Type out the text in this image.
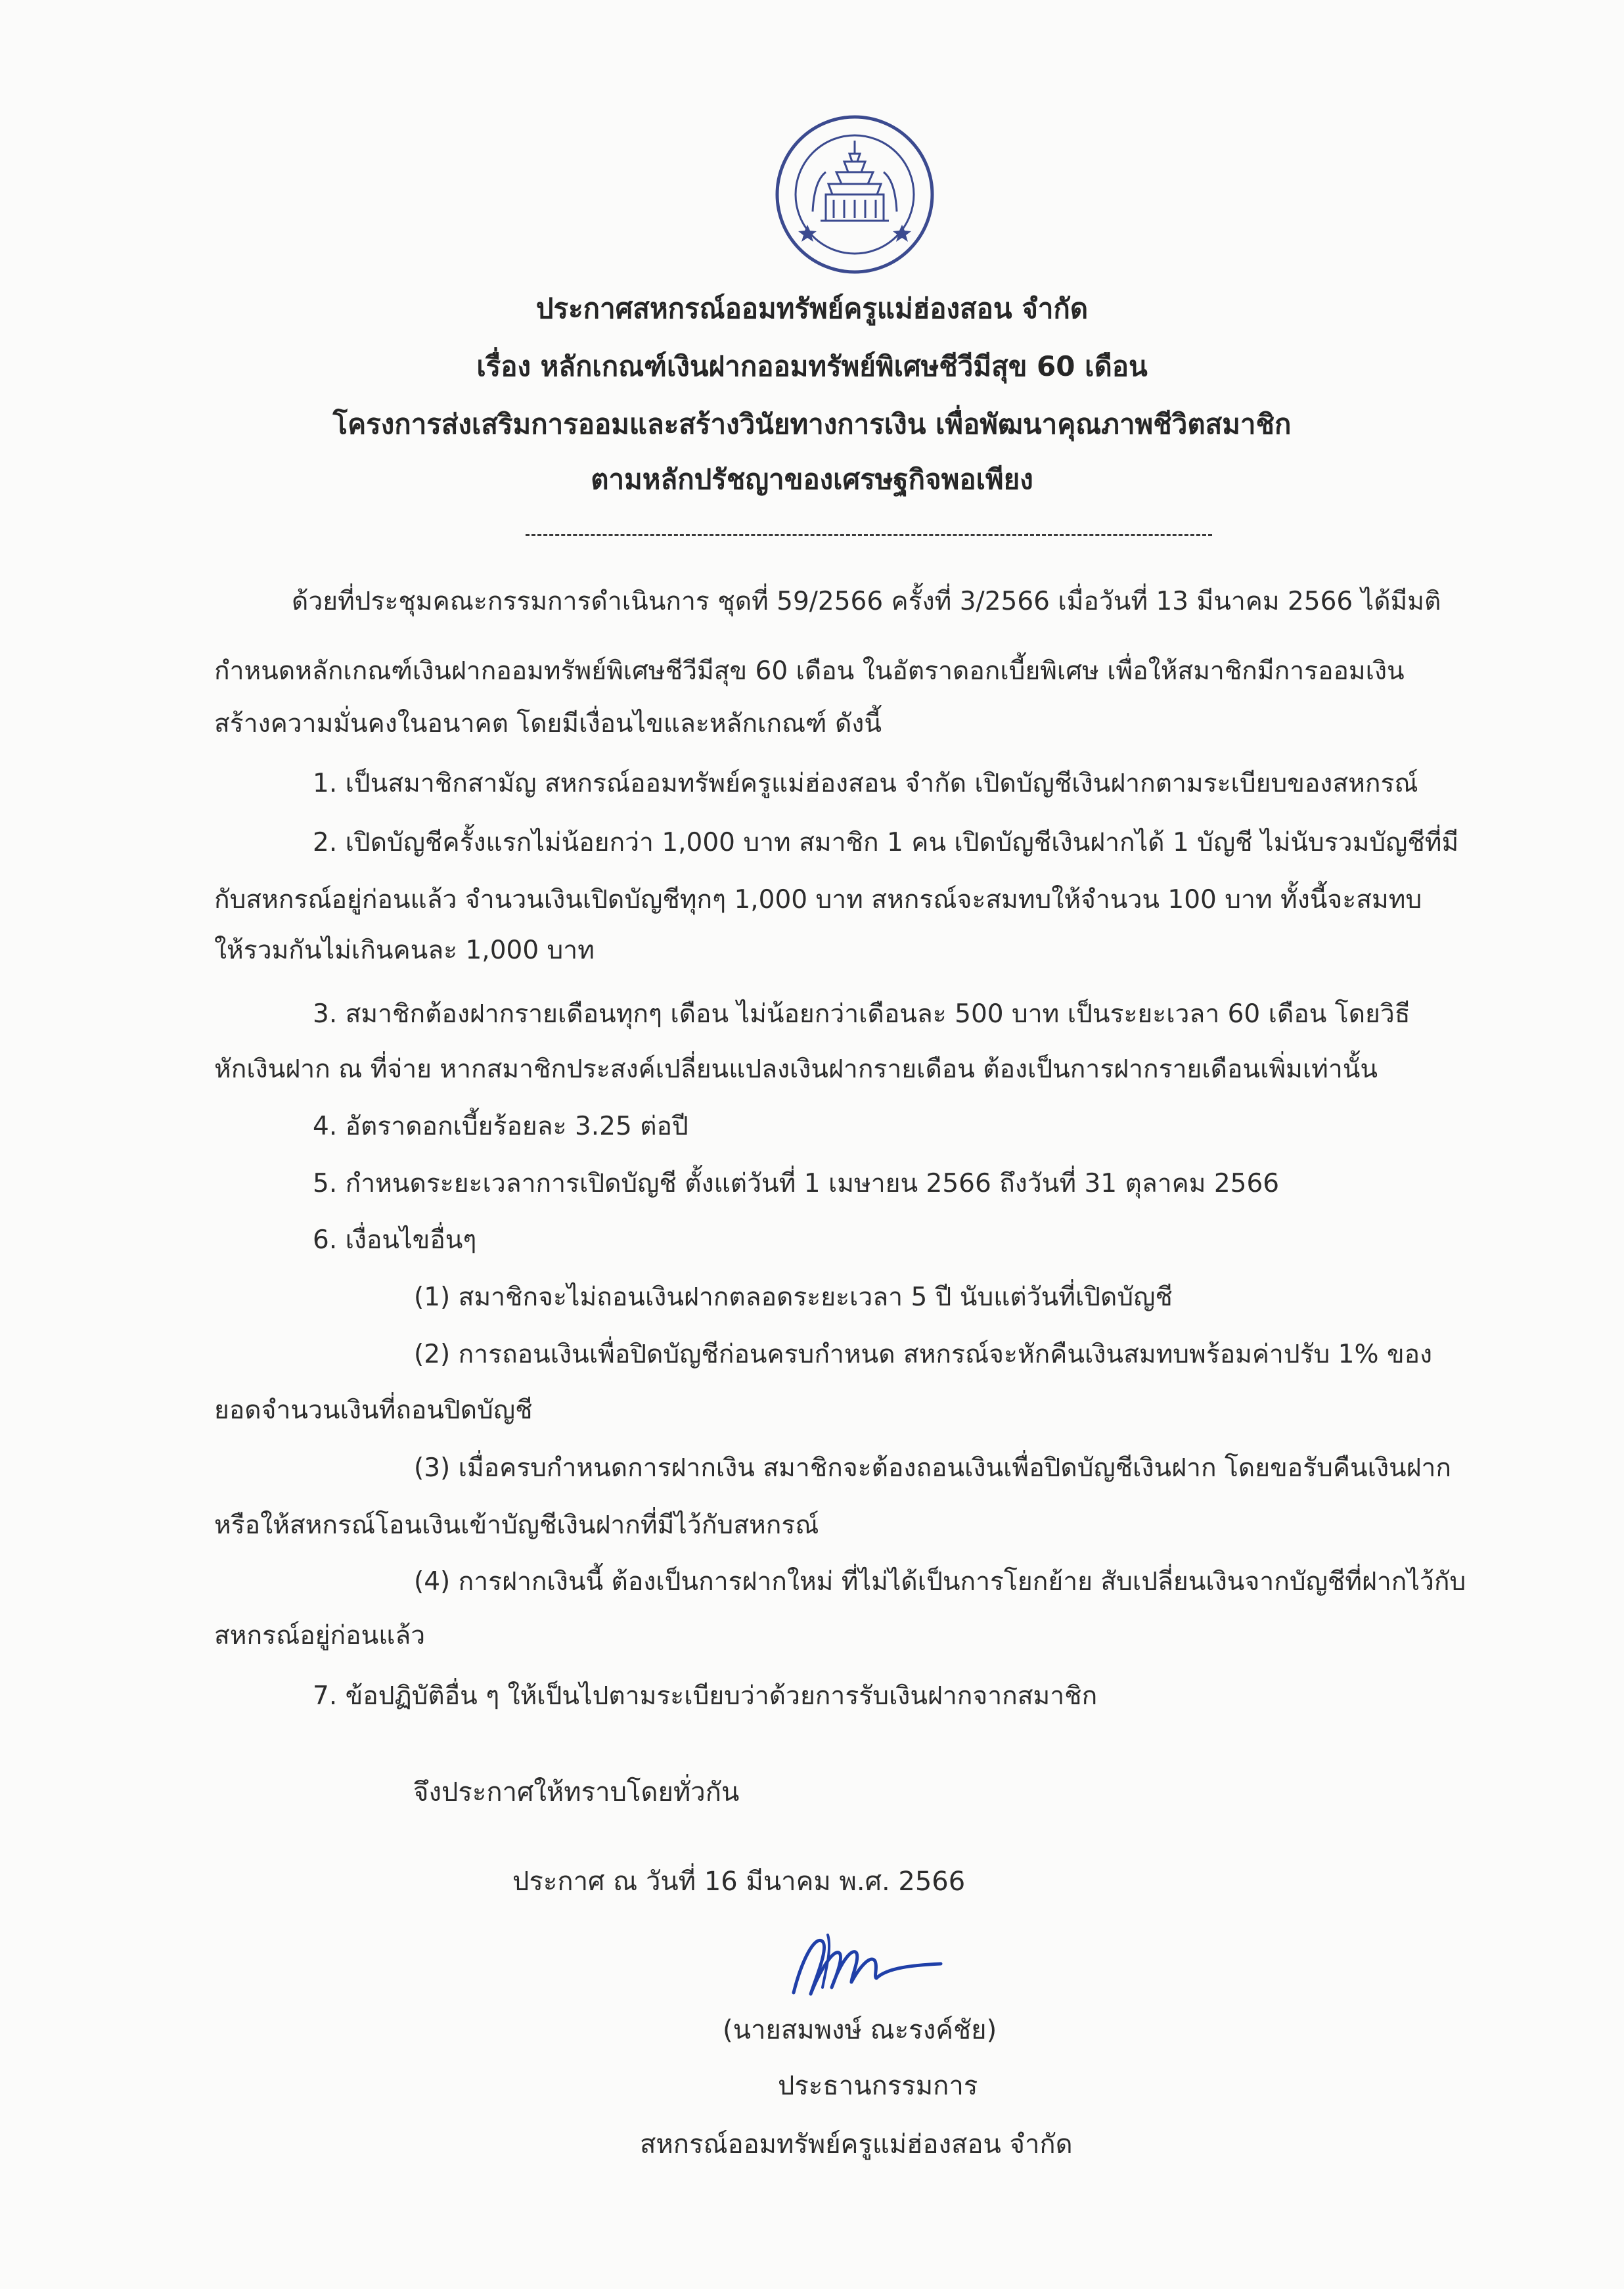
ประกาศสหกรณ์ออมทรัพย์ครูแม่ฮ่องสอน จำกัด
เรื่อง หลักเกณฑ์เงินฝากออมทรัพย์พิเศษชีวีมีสุข 60 เดือน
โครงการส่งเสริมการออมและสร้างวินัยทางการเงิน เพื่อพัฒนาคุณภาพชีวิตสมาชิก
ตามหลักปรัชญาของเศรษฐกิจพอเพียง
ด้วยที่ประชุมคณะกรรมการดำเนินการ ชุดที่ 59/2566 ครั้งที่ 3/2566 เมื่อวันที่ 13 มีนาคม 2566 ได้มีมติ
กำหนดหลักเกณฑ์เงินฝากออมทรัพย์พิเศษชีวีมีสุข 60 เดือน ในอัตราดอกเบี้ยพิเศษ เพื่อให้สมาชิกมีการออมเงิน
สร้างความมั่นคงในอนาคต โดยมีเงื่อนไขและหลักเกณฑ์ ดังนี้
1. เป็นสมาชิกสามัญ สหกรณ์ออมทรัพย์ครูแม่ฮ่องสอน จำกัด เปิดบัญชีเงินฝากตามระเบียบของสหกรณ์
2. เปิดบัญชีครั้งแรกไม่น้อยกว่า 1,000 บาท สมาชิก 1 คน เปิดบัญชีเงินฝากได้ 1 บัญชี ไม่นับรวมบัญชีที่มี
กับสหกรณ์อยู่ก่อนแล้ว จำนวนเงินเปิดบัญชีทุกๆ 1,000 บาท สหกรณ์จะสมทบให้จำนวน 100 บาท ทั้งนี้จะสมทบ
ให้รวมกันไม่เกินคนละ 1,000 บาท
3. สมาชิกต้องฝากรายเดือนทุกๆ เดือน ไม่น้อยกว่าเดือนละ 500 บาท เป็นระยะเวลา 60 เดือน โดยวิธี
หักเงินฝาก ณ ที่จ่าย หากสมาชิกประสงค์เปลี่ยนแปลงเงินฝากรายเดือน ต้องเป็นการฝากรายเดือนเพิ่มเท่านั้น
4. อัตราดอกเบี้ยร้อยละ 3.25 ต่อปี
5. กำหนดระยะเวลาการเปิดบัญชี ตั้งแต่วันที่ 1 เมษายน 2566 ถึงวันที่ 31 ตุลาคม 2566
6. เงื่อนไขอื่นๆ
(1) สมาชิกจะไม่ถอนเงินฝากตลอดระยะเวลา 5 ปี นับแต่วันที่เปิดบัญชี
(2) การถอนเงินเพื่อปิดบัญชีก่อนครบกำหนด สหกรณ์จะหักคืนเงินสมทบพร้อมค่าปรับ 1% ของ
ยอดจำนวนเงินที่ถอนปิดบัญชี
(3) เมื่อครบกำหนดการฝากเงิน สมาชิกจะต้องถอนเงินเพื่อปิดบัญชีเงินฝาก โดยขอรับคืนเงินฝาก
หรือให้สหกรณ์โอนเงินเข้าบัญชีเงินฝากที่มีไว้กับสหกรณ์
(4) การฝากเงินนี้ ต้องเป็นการฝากใหม่ ที่ไม่ได้เป็นการโยกย้าย สับเปลี่ยนเงินจากบัญชีที่ฝากไว้กับ
สหกรณ์อยู่ก่อนแล้ว
7. ข้อปฏิบัติอื่น ๆ ให้เป็นไปตามระเบียบว่าด้วยการรับเงินฝากจากสมาชิก
จึงประกาศให้ทราบโดยทั่วกัน
ประกาศ ณ วันที่ 16 มีนาคม พ.ศ. 2566
(นายสมพงษ์ ณะรงค์ชัย)
ประธานกรรมการ
สหกรณ์ออมทรัพย์ครูแม่ฮ่องสอน จำกัด
